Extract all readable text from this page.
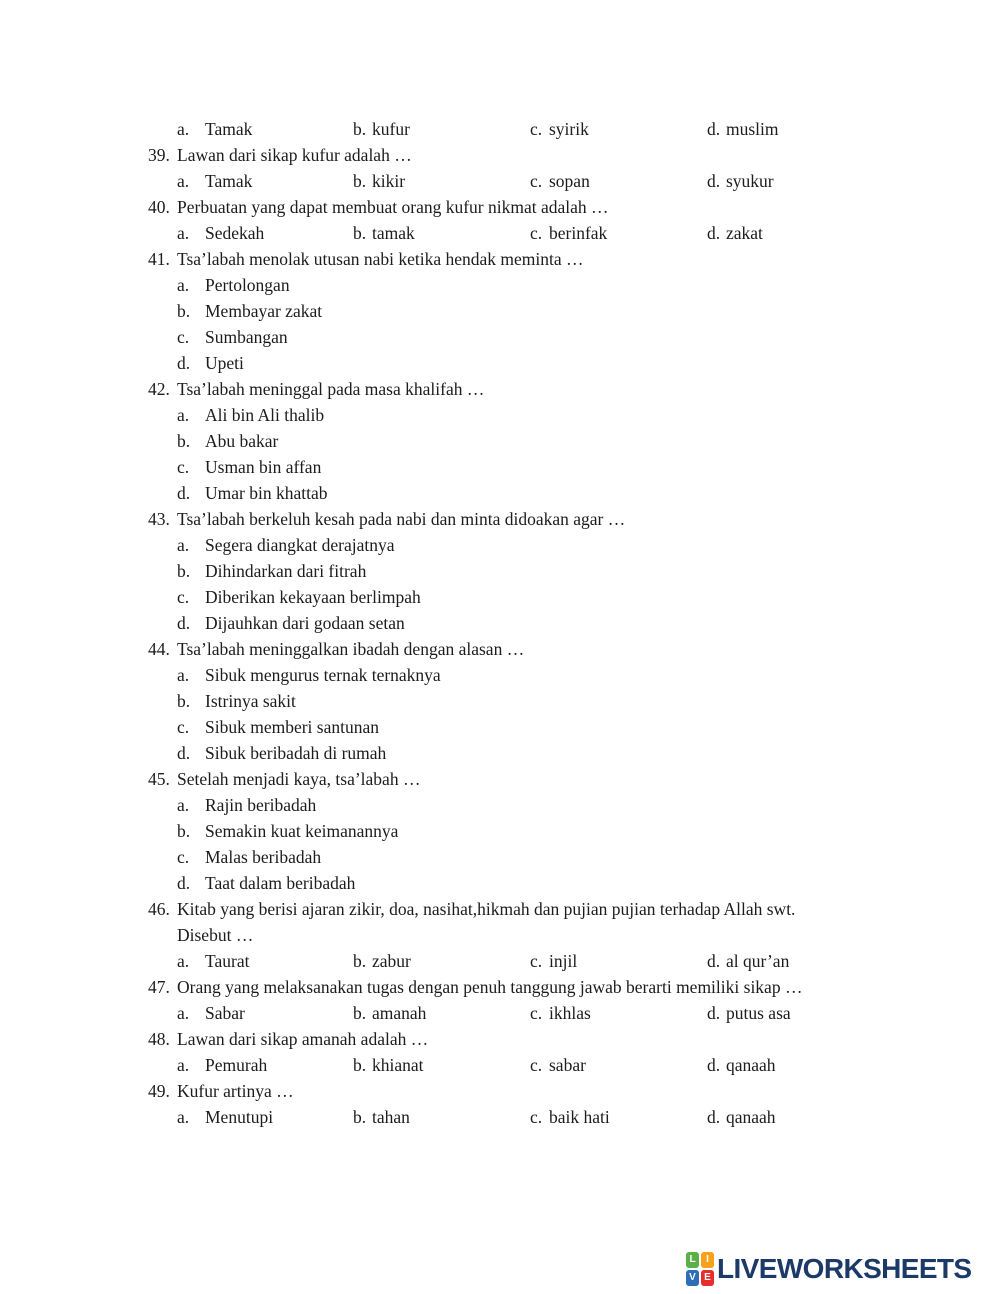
a. Tamak	b. kufur	c. syirik	d. muslim
39. Lawan dari sikap kufur adalah …
a. Tamak	b. kikir	c. sopan	d. syukur
40. Perbuatan yang dapat membuat orang kufur nikmat adalah …
a. Sedekah	b. tamak	c. berinfak	d. zakat
41. Tsa’labah menolak utusan nabi ketika hendak meminta …
a. Pertolongan
b. Membayar zakat
c. Sumbangan
d. Upeti
42. Tsa’labah meninggal pada masa khalifah …
a. Ali bin Ali thalib
b. Abu bakar
c. Usman bin affan
d. Umar bin khattab
43. Tsa’labah berkeluh kesah pada nabi dan minta didoakan agar …
a. Segera diangkat derajatnya
b. Dihindarkan dari fitrah
c. Diberikan kekayaan berlimpah
d. Dijauhkan dari godaan setan
44. Tsa’labah meninggalkan ibadah dengan alasan …
a. Sibuk mengurus ternak ternaknya
b. Istrinya sakit
c. Sibuk memberi santunan
d. Sibuk beribadah di rumah
45. Setelah menjadi kaya, tsa’labah …
a. Rajin beribadah
b. Semakin kuat keimanannya
c. Malas beribadah
d. Taat dalam beribadah
46. Kitab yang berisi ajaran zikir, doa, nasihat,hikmah dan pujian pujian terhadap Allah swt.
Disebut …
a. Taurat	b. zabur	c. injil	d. al qur’an
47. Orang yang melaksanakan tugas dengan penuh tanggung jawab berarti memiliki sikap …
a. Sabar	b. amanah	c. ikhlas	d. putus asa
48. Lawan dari sikap amanah adalah …
a. Pemurah	b. khianat	c. sabar	d. qanaah
49. Kufur artinya …
a. Menutupi	b. tahan	c. baik hati	d. qanaah
L	I
V E LIVEWORKSHEETS
